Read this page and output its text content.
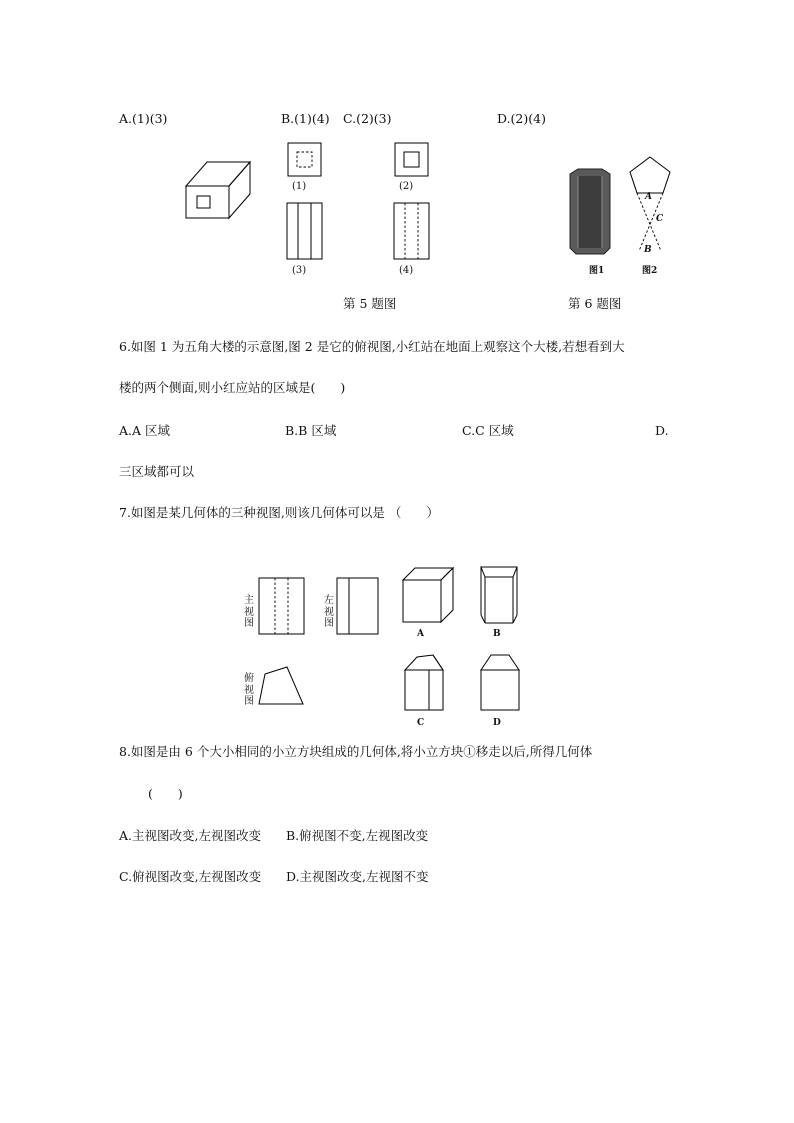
A.(1)(3)	B.(1)(4) C.(2)(3)	D.(2)(4)
(1)	(2)
(3)	(4)
第 5 题图
图1
A
C
B
图2
第 6 题图
6.如图 1 为五角大楼的示意图,图 2 是它的俯视图,小红站在地面上观察这个大楼,若想看到大
楼的两个侧面,则小红应站的区域是(　　)
A.A 区域	B.B 区域	C.C 区域	D.
三区域都可以
7.如图是某几何体的三种视图,则该几何体可以是 （　　）
主视图
左视图
俯视图
A	B
C	D
8.如图是由 6 个大小相同的小立方块组成的几何体,将小立方块①移走以后,所得几何体
(　　)
A.主视图改变,左视图改变 B.俯视图不变,左视图改变
C.俯视图改变,左视图改变 D.主视图改变,左视图不变
